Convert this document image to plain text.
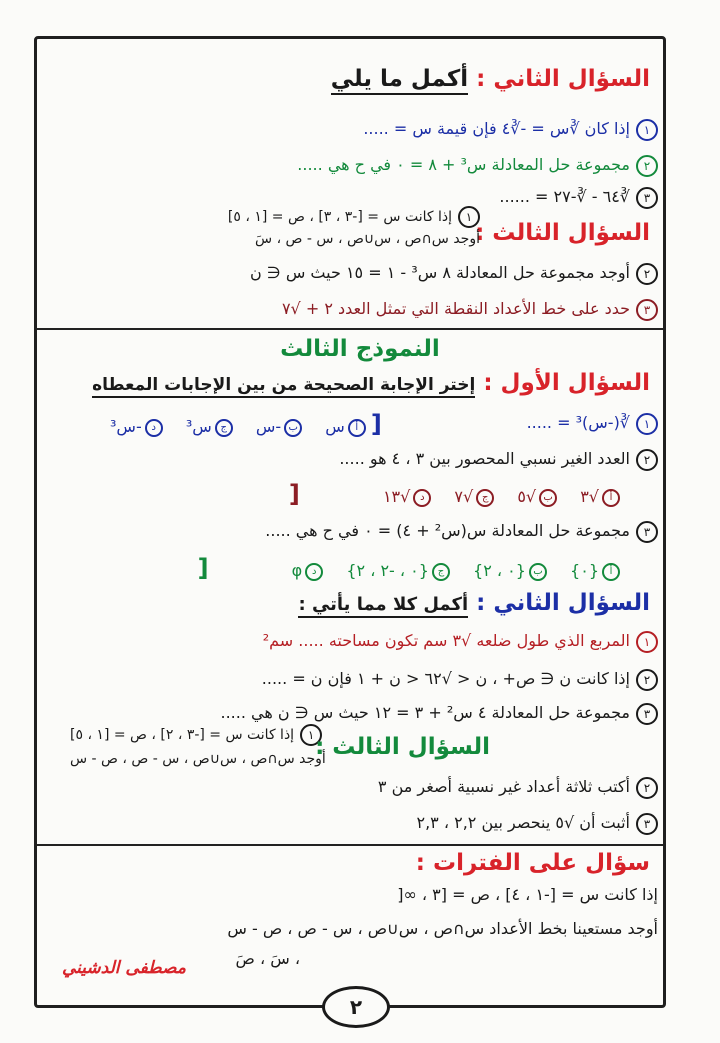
السؤال الثاني : أكمل ما يلي
١إذا كان ∛س = -∛٤ فإن قيمة س = .....
٢مجموعة حل المعادلة س³ + ٨ = ٠ في ح هي .....
٣∛٦٤ - ∛-٢٧ = ......
١إذا كانت س = [-٣ ، ٣] ، ص = [١ ، ٥]
السؤال الثالث :
أوجد س∩ص ، س∪ص ، س - ص ، سَ
٢أوجد مجموعة حل المعادلة ٨ س³ - ١ = ١٥ حيث س ∈ ن
٣حدد على خط الأعداد النقطة التي تمثل العدد ٢ + √٧
النموذج الثالث
السؤال الأول : إختر الإجابة الصحيحة من بين الإجابات المعطاه
١∛(-س)³ = .....
[ أس ب-س جس³ د-س³
٢العدد الغير نسبي المحصور بين ٣ ، ٤ هو .....
أ√٣ ب√٥ ج√٧ د√١٣ [
٣مجموعة حل المعادلة س(س² + ٤) = ٠ في ح هي .....
أ{٠} ب{٠ ، ٢} ج{٠ ، -٢ ، ٢} دφ [
السؤال الثاني : أكمل كلا مما يأتي :
١المربع الذي طول ضلعه √٣ سم تكون مساحته ..... سم²
٢إذا كانت ن ∈ ص+ ، ن < √٦٢ < ن + ١ فإن ن = .....
٣مجموعة حل المعادلة ٤ س² + ٣ = ١٢ حيث س ∈ ن هي .....
١إذا كانت س = [-٣ ، ٢] ، ص = [١ ، ٥] السؤال الثالث :
أوجد س∩ص ، س∪ص ، س - ص ، ص - س
٢أكتب ثلاثة أعداد غير نسبية أصغر من ٣
٣أثبت أن √٥ ينحصر بين ٢,٢ ، ٢,٣
سؤال على الفترات :
إذا كانت س = [-١ ، ٤] ، ص = [٣ ، ∞[
أوجد مستعينا بخط الأعداد س∩ص ، س∪ص ، س - ص ، ص - س
، سَ ، صَ
مصطفى الدشيني
٢
